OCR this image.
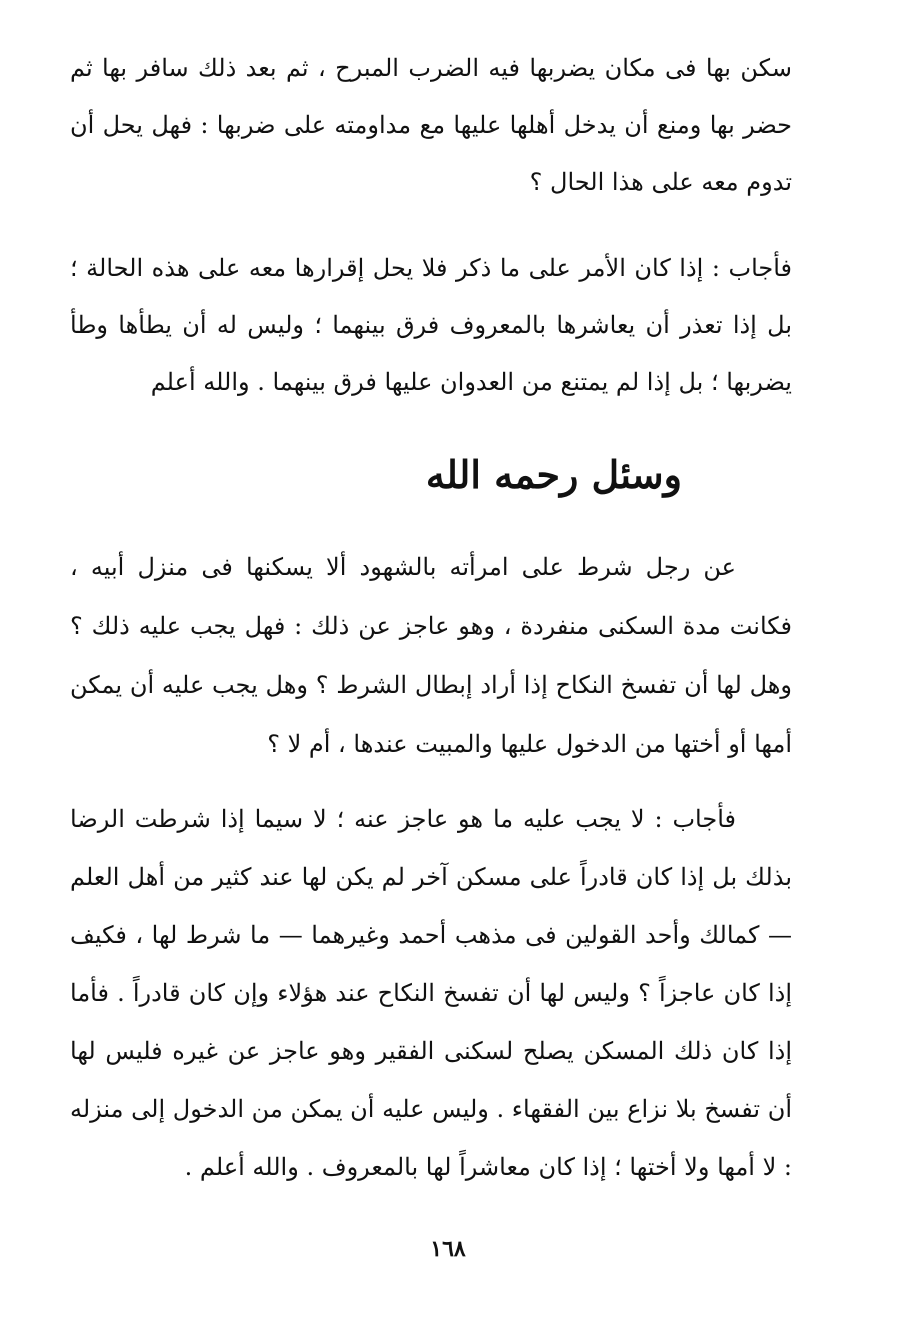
سكن بها فى مكان يضربها فيه الضرب المبرح ، ثم بعد ذلك سافر بها ثم حضر بها ومنع أن يدخل أهلها عليها مع مداومته على ضربها : فهل يحل أن تدوم معه على هذا الحال ؟

فأجاب : إذا كان الأمر على ما ذكر فلا يحل إقرارها معه على هذه الحالة ؛ بل إذا تعذر أن يعاشرها بالمعروف فرق بينهما ؛ وليس له أن يطأها وطأ يضربها ؛ بل إذا لم يمتنع من العدوان عليها فرق بينهما . والله أعلم

وسئل رحمه الله

عن رجل شرط على امرأته بالشهود ألا يسكنها فى منزل أبيه ، فكانت مدة السكنى منفردة ، وهو عاجز عن ذلك : فهل يجب عليه ذلك ؟ وهل لها أن تفسخ النكاح إذا أراد إبطال الشرط ؟ وهل يجب عليه أن يمكن أمها أو أختها من الدخول عليها والمبيت عندها ، أم لا ؟

فأجاب : لا يجب عليه ما هو عاجز عنه ؛ لا سيما إذا شرطت الرضا بذلك بل إذا كان قادراً على مسكن آخر لم يكن لها عند كثير من أهل العلم — كمالك وأحد القولين فى مذهب أحمد وغيرهما — ما شرط لها ، فكيف إذا كان عاجزاً ؟ وليس لها أن تفسخ النكاح عند هؤلاء وإن كان قادراً . فأما إذا كان ذلك المسكن يصلح لسكنى الفقير وهو عاجز عن غيره فليس لها أن تفسخ بلا نزاع بين الفقهاء . وليس عليه أن يمكن من الدخول إلى منزله : لا أمها ولا أختها ؛ إذا كان معاشراً لها بالمعروف . والله أعلم .

١٦٨
